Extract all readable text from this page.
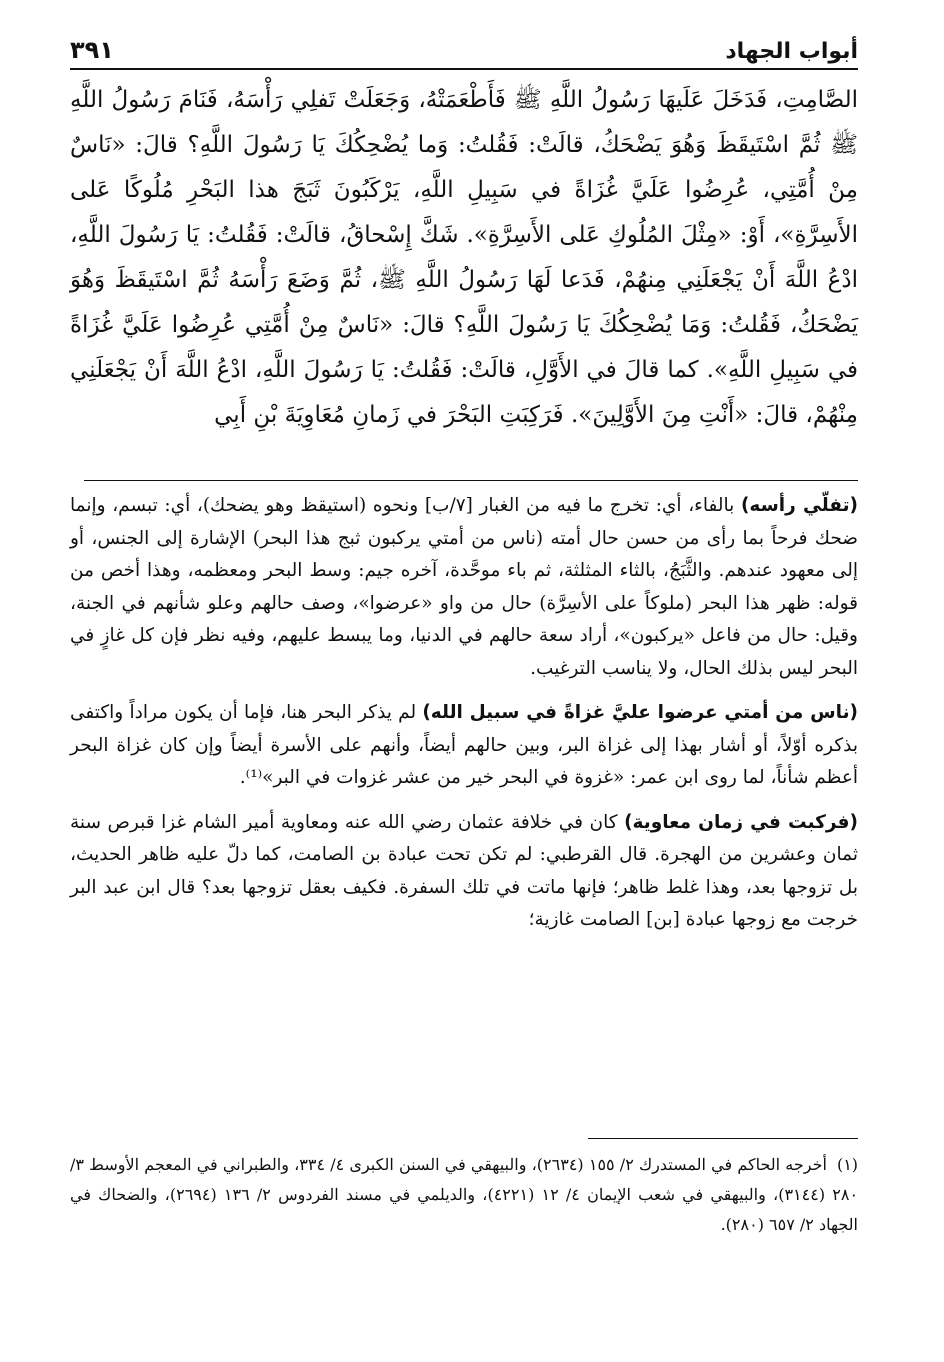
أبواب الجهاد
٣٩١

الصَّامِتِ، فَدَخَلَ عَلَيهَا رَسُولُ اللَّهِ ﷺ فَأَطْعَمَتْهُ، وَجَعَلَتْ تَفلِي رَأْسَهُ، فَنَامَ رَسُولُ اللَّهِ ﷺ ثُمَّ اسْتَيقَظَ وَهُوَ يَضْحَكُ، قالَتْ: فَقُلتُ: وَما يُضْحِكُكَ يَا رَسُولَ اللَّهِ؟ قالَ: «نَاسٌ مِنْ أُمَّتِي، عُرِضُوا عَلَيَّ غُزَاةً في سَبِيلِ اللَّهِ، يَرْكَبُونَ ثَبَجَ هذا البَحْرِ مُلُوكًا عَلى الأَسِرَّةِ»، أَوْ: «مِثْلَ المُلُوكِ عَلى الأَسِرَّةِ». شَكَّ إِسْحاقُ، قالَتْ: فَقُلتُ: يَا رَسُولَ اللَّهِ، ادْعُ اللَّهَ أَنْ يَجْعَلَنِي مِنهُمْ، فَدَعا لَهَا رَسُولُ اللَّهِ ﷺ، ثُمَّ وَضَعَ رَأْسَهُ ثُمَّ اسْتَيقَظَ وَهُوَ يَضْحَكُ، فَقُلتُ: وَمَا يُضْحِكُكَ يَا رَسُولَ اللَّهِ؟ قالَ: «نَاسٌ مِنْ أُمَّتِي عُرِضُوا عَلَيَّ غُزَاةً في سَبِيلِ اللَّهِ». كما قالَ في الأَوَّلِ، قالَتْ: فَقُلتُ: يَا رَسُولَ اللَّهِ، ادْعُ اللَّهَ أَنْ يَجْعَلَنِي مِنْهُمْ، قالَ: «أَنْتِ مِنَ الأَوَّلِينَ». فَرَكِبَتِ البَحْرَ في زَمانِ مُعَاوِيَةَ بْنِ أَبِي

(تفلّي رأسه) بالفاء، أي: تخرج ما فيه من الغبار [٧/ب] ونحوه (استيقظ وهو يضحك)، أي: تبسم، وإنما ضحك فرحاً بما رأى من حسن حال أمته (ناس من أمتي يركبون ثبج هذا البحر) الإشارة إلى الجنس، أو إلى معهود عندهم. والثَّبَجُ، بالثاء المثلثة، ثم باء موحَّدة، آخره جيم: وسط البحر ومعظمه، وهذا أخص من قوله: ظهر هذا البحر (ملوكاً على الأسِرَّة) حال من واو «عرضوا»، وصف حالهم وعلو شأنهم في الجنة، وقيل: حال من فاعل «يركبون»، أراد سعة حالهم في الدنيا، وما يبسط عليهم، وفيه نظر فإن كل غازٍ في البحر ليس بذلك الحال، ولا يناسب الترغيب.

(ناس من أمتي عرضوا عليَّ غزاةً في سبيل الله) لم يذكر البحر هنا، فإما أن يكون مراداً واكتفى بذكره أوّلاً، أو أشار بهذا إلى غزاة البر، وبين حالهم أيضاً، وأنهم على الأسرة أيضاً وإن كان غزاة البحر أعظم شأناً، لما روى ابن عمر: «غزوة في البحر خير من عشر غزوات في البر»⁽¹⁾.

(فركبت في زمان معاوية) كان في خلافة عثمان رضي الله عنه ومعاوية أمير الشام غزا قبرص سنة ثمان وعشرين من الهجرة. قال القرطبي: لم تكن تحت عبادة بن الصامت، كما دلّ عليه ظاهر الحديث، بل تزوجها بعد، وهذا غلط ظاهر؛ فإنها ماتت في تلك السفرة. فكيف بعقل تزوجها بعد؟ قال ابن عبد البر خرجت مع زوجها عبادة [بن] الصامت غازية؛

(١)أخرجه الحاكم في المستدرك ٢/ ١٥٥ (٢٦٣٤)، والبيهقي في السنن الكبرى ٤/ ٣٣٤، والطبراني في المعجم الأوسط ٣/ ٢٨٠ (٣١٤٤)، والبيهقي في شعب الإيمان ٤/ ١٢ (٤٢٢١)، والديلمي في مسند الفردوس ٢/ ١٣٦ (٢٦٩٤)، والضحاك في الجهاد ٢/ ٦٥٧ (٢٨٠).
